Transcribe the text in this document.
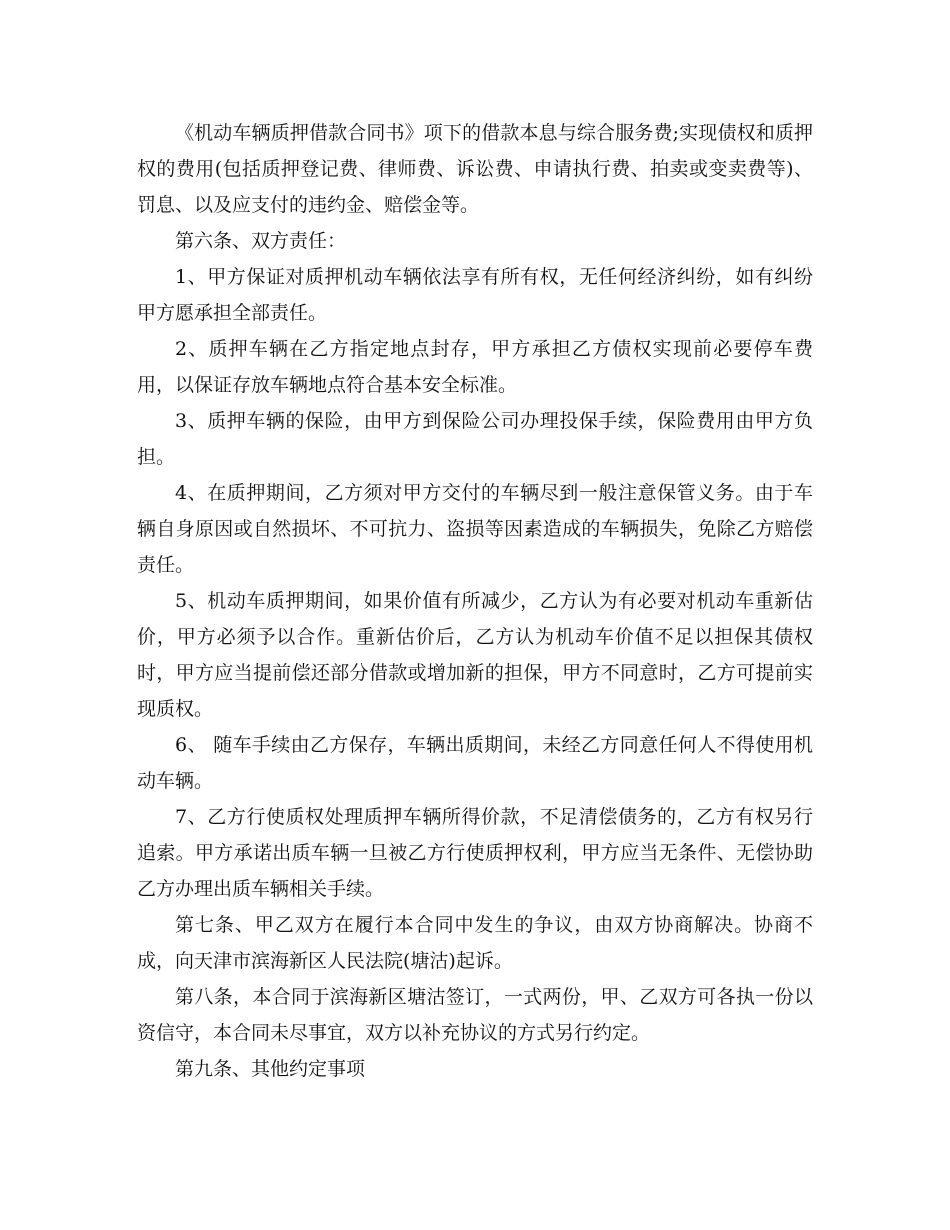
《机动车辆质押借款合同书》项下的借款本息与综合服务费;实现债权和质押权的费用(包括质押登记费、律师费、诉讼费、申请执行费、拍卖或变卖费等)、罚息、以及应支付的违约金、赔偿金等。

第六条、双方责任：

1、甲方保证对质押机动车辆依法享有所有权，无任何经济纠纷，如有纠纷甲方愿承担全部责任。

2、质押车辆在乙方指定地点封存，甲方承担乙方债权实现前必要停车费用，以保证存放车辆地点符合基本安全标准。

3、质押车辆的保险，由甲方到保险公司办理投保手续，保险费用由甲方负担。

4、在质押期间，乙方须对甲方交付的车辆尽到一般注意保管义务。由于车辆自身原因或自然损坏、不可抗力、盗损等因素造成的车辆损失，免除乙方赔偿责任。

5、机动车质押期间，如果价值有所减少，乙方认为有必要对机动车重新估价，甲方必须予以合作。重新估价后，乙方认为机动车价值不足以担保其债权时，甲方应当提前偿还部分借款或增加新的担保，甲方不同意时，乙方可提前实现质权。

6、 随车手续由乙方保存，车辆出质期间，未经乙方同意任何人不得使用机动车辆。

7、乙方行使质权处理质押车辆所得价款，不足清偿债务的，乙方有权另行追索。甲方承诺出质车辆一旦被乙方行使质押权利，甲方应当无条件、无偿协助乙方办理出质车辆相关手续。

第七条、甲乙双方在履行本合同中发生的争议，由双方协商解决。协商不成，向天津市滨海新区人民法院(塘沽)起诉。

第八条，本合同于滨海新区塘沽签订，一式两份，甲、乙双方可各执一份以资信守，本合同未尽事宜，双方以补充协议的方式另行约定。

第九条、其他约定事项
